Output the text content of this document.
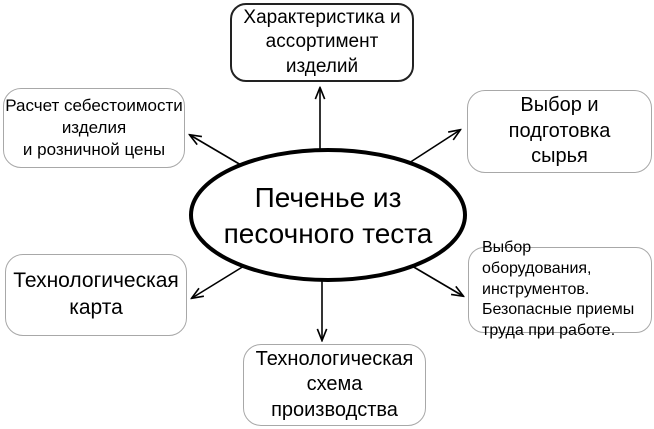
Характеристика и
ассортимент изделий
Расчет себестоимости
изделия
и розничной цены
Выбор и подготовка
сырья
Технологическая
карта
Выбор оборудования,
инструментов.
Безопасные приемы
труда при работе.
Технологическая
схема
производства
Печенье из
песочного теста
